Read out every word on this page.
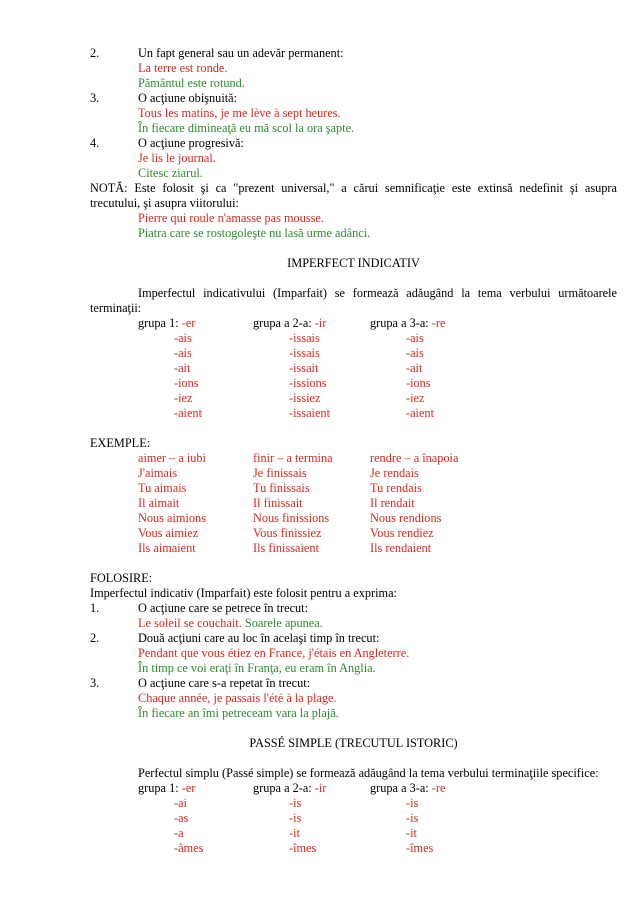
2.	Un fapt general sau un adevăr permanent:
La terre est ronde.
Pământul este rotund.
3.	O acţiune obişnuită:
Tous les matins, je me lève à sept heures.
În fiecare dimineaţă eu mă scol la ora şapte.
4.	O acţiune progresivă:
Je lis le journal.
Citesc ziarul.
NOTĂ: Este folosit şi ca "prezent universal," a cărui semnificaţie este extinsă nedefinit şi asupra trecutului, şi asupra viitorului:
Pierre qui roule n'amasse pas mousse.
Piatra care se rostogoleşte nu lasă urme adânci.
IMPERFECT INDICATIV
Imperfectul indicativului (Imparfait) se formează adăugând la tema verbului următoarele terminaţii:
grupa 1: -er	grupa a 2-a: -ir	grupa a 3-a: -re
-ais	-issais	-ais
-ais	-issais	-ais
-ait	-issait	-ait
-ions	-issions	-ions
-iez	-issiez	-iez
-aient	-issaient	-aient
EXEMPLE:
aimer – a iubi	finir – a termina	rendre – a înapoia
J'aimais	Je finissais	Je rendais
Tu aimais	Tu finissais	Tu rendais
Il aimait	Il finissait	Il rendait
Nous aimions	Nous finissions	Nous rendions
Vous aimiez	Vous finissiez	Vous rendiez
Ils aimaient	Ils finissaient	Ils rendaient
FOLOSIRE:
Imperfectul indicativ (Imparfait) este folosit pentru a exprima:
1.	O acţiune care se petrece în trecut:
Le soleil se couchait. Soarele apunea.
2.	Două acţiuni care au loc în acelaşi timp în trecut:
Pendant que vous étiez en France, j'étais en Angleterre.
În timp ce voi eraţi în Franţa, eu eram în Anglia.
3.	O acţiune care s-a repetat în trecut:
Chaque année, je passais l'été à la plage.
În fiecare an îmi petreceam vara la plajă.
PASSÉ SIMPLE (TRECUTUL ISTORIC)
Perfectul simplu (Passé simple) se formează adăugând la tema verbului terminaţiile specifice:
grupa 1: -er	grupa a 2-a: -ir	grupa a 3-a: -re
-ai	-is	-is
-as	-is	-is
-a	-it	-it
-âmes	-îmes	-îmes
